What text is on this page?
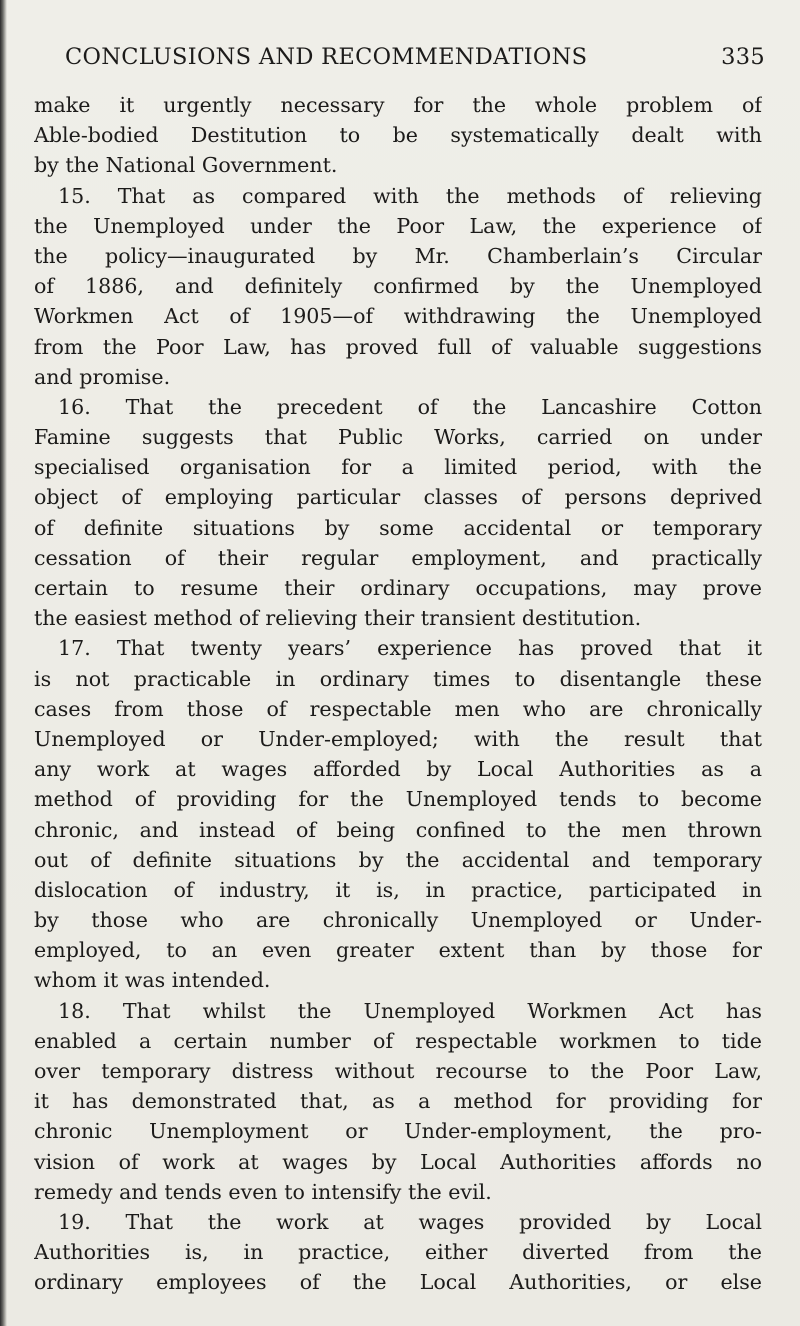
CONCLUSIONS AND RECOMMENDATIONS	335
make it urgently necessary for the whole problem of
Able-bodied Destitution to be systematically dealt with
by the National Government.
15. That as compared with the methods of relieving
the Unemployed under the Poor Law, the experience of
the policy—inaugurated by Mr. Chamberlain’s Circular
of 1886, and definitely confirmed by the Unemployed
Workmen Act of 1905—of withdrawing the Unemployed
from the Poor Law, has proved full of valuable suggestions
and promise.
16. That the precedent of the Lancashire Cotton
Famine suggests that Public Works, carried on under
specialised organisation for a limited period, with the
object of employing particular classes of persons deprived
of definite situations by some accidental or temporary
cessation of their regular employment, and practically
certain to resume their ordinary occupations, may prove
the easiest method of relieving their transient destitution.
17. That twenty years’ experience has proved that it
is not practicable in ordinary times to disentangle these
cases from those of respectable men who are chronically
Unemployed or Under-employed; with the result that
any work at wages afforded by Local Authorities as a
method of providing for the Unemployed tends to become
chronic, and instead of being confined to the men thrown
out of definite situations by the accidental and temporary
dislocation of industry, it is, in practice, participated in
by those who are chronically Unemployed or Under-
employed, to an even greater extent than by those for
whom it was intended.
18. That whilst the Unemployed Workmen Act has
enabled a certain number of respectable workmen to tide
over temporary distress without recourse to the Poor Law,
it has demonstrated that, as a method for providing for
chronic Unemployment or Under-employment, the pro-
vision of work at wages by Local Authorities affords no
remedy and tends even to intensify the evil.
19. That the work at wages provided by Local
Authorities is, in practice, either diverted from the
ordinary employees of the Local Authorities, or else
